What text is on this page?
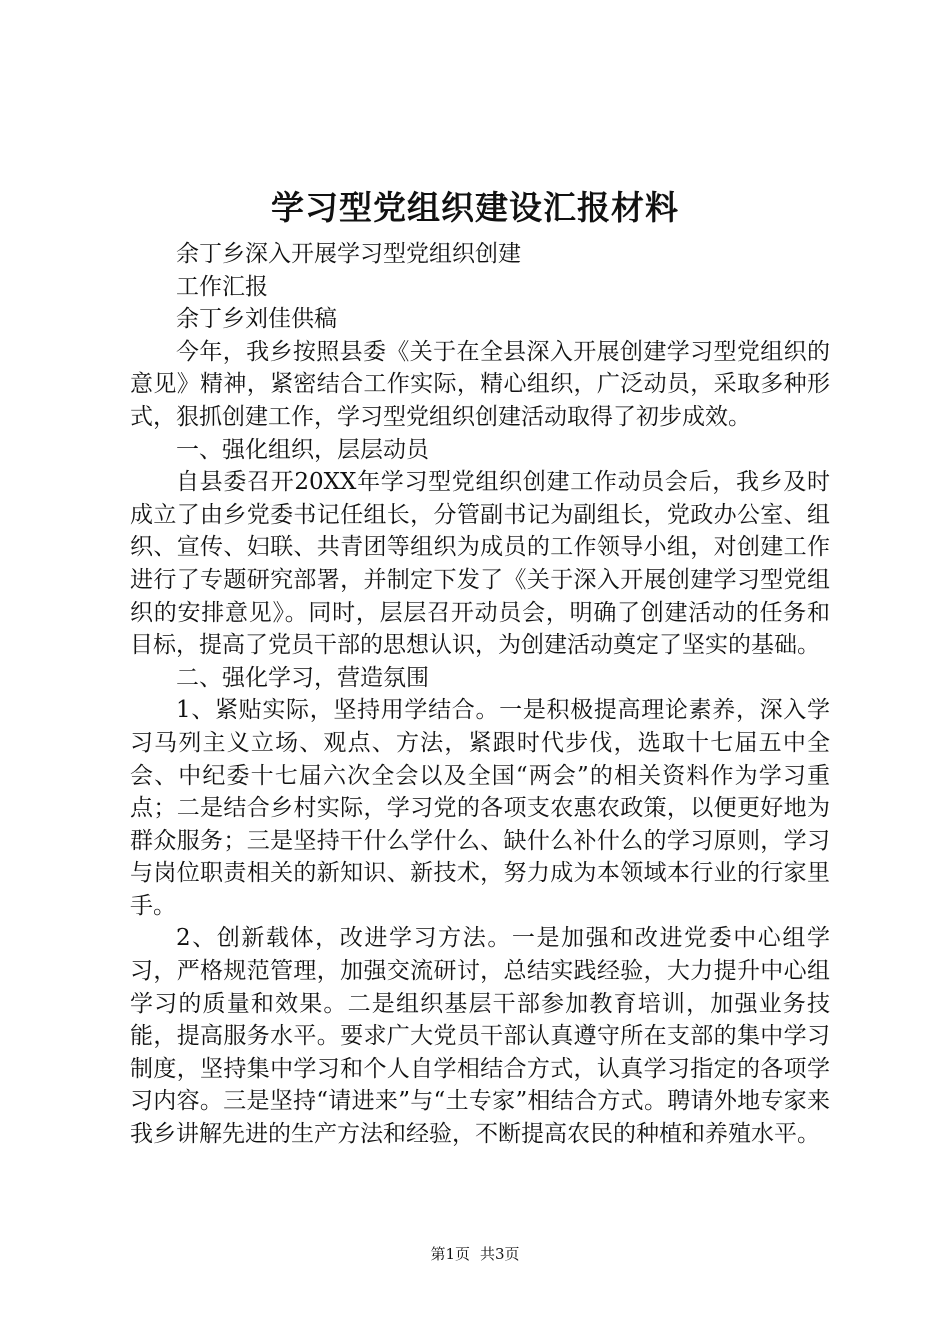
学习型党组织建设汇报材料

余丁乡深入开展学习型党组织创建

工作汇报

余丁乡刘佳供稿

今年，我乡按照县委《关于在全县深入开展创建学习型党组织的意见》精神，紧密结合工作实际，精心组织，广泛动员，采取多种形式，狠抓创建工作，学习型党组织创建活动取得了初步成效。

一、强化组织，层层动员

自县委召开20XX年学习型党组织创建工作动员会后，我乡及时成立了由乡党委书记任组长，分管副书记为副组长，党政办公室、组织、宣传、妇联、共青团等组织为成员的工作领导小组，对创建工作进行了专题研究部署，并制定下发了《关于深入开展创建学习型党组织的安排意见》。同时，层层召开动员会，明确了创建活动的任务和目标，提高了党员干部的思想认识，为创建活动奠定了坚实的基础。

二、强化学习，营造氛围

1、紧贴实际，坚持用学结合。一是积极提高理论素养，深入学习马列主义立场、观点、方法，紧跟时代步伐，选取十七届五中全会、中纪委十七届六次全会以及全国“两会”的相关资料作为学习重点；二是结合乡村实际，学习党的各项支农惠农政策，以便更好地为群众服务；三是坚持干什么学什么、缺什么补什么的学习原则，学习与岗位职责相关的新知识、新技术，努力成为本领域本行业的行家里手。

2、创新载体，改进学习方法。一是加强和改进党委中心组学习，严格规范管理，加强交流研讨，总结实践经验，大力提升中心组学习的质量和效果。二是组织基层干部参加教育培训，加强业务技能，提高服务水平。要求广大党员干部认真遵守所在支部的集中学习制度，坚持集中学习和个人自学相结合方式，认真学习指定的各项学习内容。三是坚持“请进来”与“土专家”相结合方式。聘请外地专家来我乡讲解先进的生产方法和经验，不断提高农民的种植和养殖水平。

第1页 共3页
